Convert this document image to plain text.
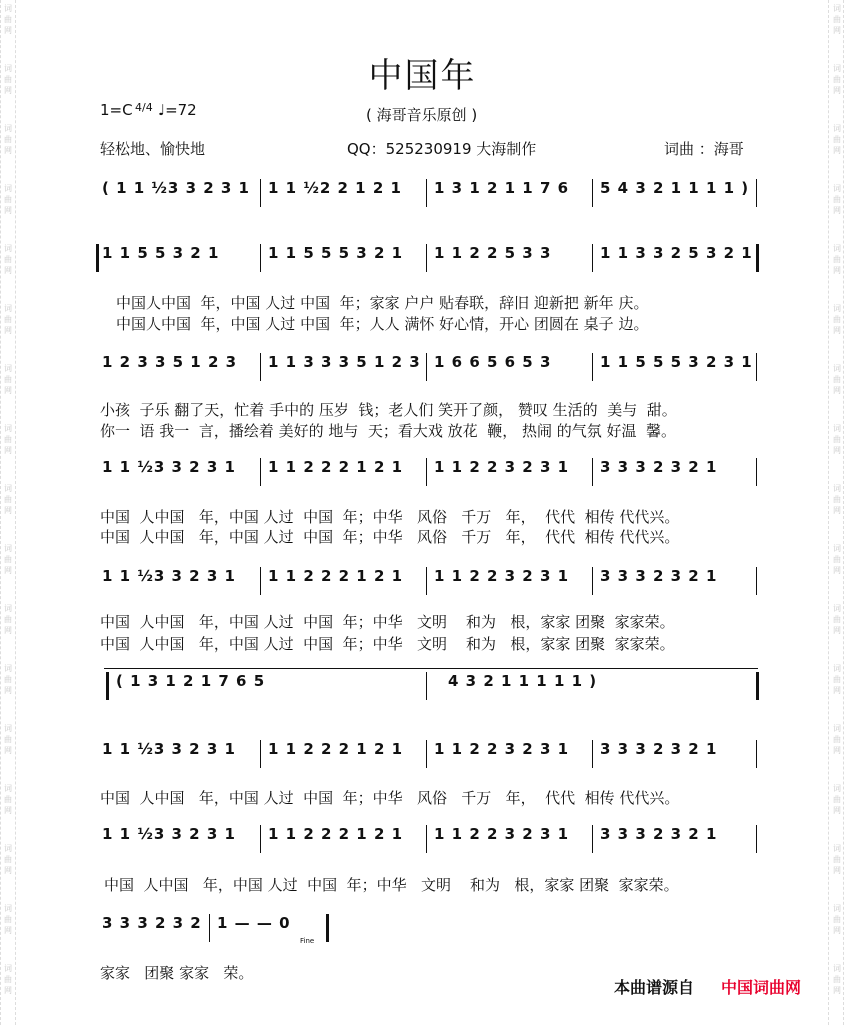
词
曲
网
词
曲
网
词
曲
网
词
曲
网
词
曲
网
词
曲
网
词
曲
网
词
曲
网
词
曲
网
词
曲
网
词
曲
网
词
曲
网
词
曲
网
词
曲
网
词
曲
网
词
曲
网
词
曲
网
词
曲
网
词
曲
网
词
曲
网
词
曲
网
词
曲
网
词
曲
网
词
曲
网
词
曲
网
词
曲
网
词
曲
网
词
曲
网
词
曲
网
词
曲
网
词
曲
网
词
曲
网
词
曲
网
词
曲
网
中国年
1=C 4/4 ♩=72	( 海哥音乐原创 )
轻松地、愉快地	QQ：525230919 大海制作	词曲 ：海哥
( 1 1 ½3 3 2 3 1 1 1 ½2 2 1 2 1 1 3 1 2 1 1 7 6 5 4 3 2 1 1 1 1 )
1 1 5 5 3 2 1	1 1 5 5 5 3 2 1 1 1 2 2 5 3 3	1 1 3 3 2 5 3 2 1
1 2 3 3 5 1 2 3 1 1 3 3 3 5 1 2 3 1 6 6 5 6 5 3	1 1 5 5 5 3 2 3 1
1 1 ½3 3 2 3 1 1 1 2 2 2 1 2 1 1 1 2 2 3 2 3 1 3 3 3 2 3 2 1
1 1 ½3 3 2 3 1 1 1 2 2 2 1 2 1 1 1 2 2 3 2 3 1 3 3 3 2 3 2 1
( 1 3 1 2 1 7 6 5	4 3 2 1 1 1 1 1 )
1 1 ½3 3 2 3 1 1 1 2 2 2 1 2 1 1 1 2 2 3 2 3 1 3 3 3 2 3 2 1
1 1 ½3 3 2 3 1 1 1 2 2 2 1 2 1 1 1 2 2 3 2 3 1 3 3 3 2 3 2 1
3 3 3 2 3 2 1 — — 0
Fine
中国人中国  年，中国 人过 中国  年；家家 户户 贴春联，辞旧 迎新把 新年 庆。
中国人中国  年，中国 人过 中国  年；人人 满怀 好心情，开心 团圆在 桌子 边。
小孩  子乐 翻了天，忙着 手中的 压岁  钱；老人们 笑开了颜， 赞叹 生活的  美与  甜。
你一  语 我一  言，播绘着 美好的 地与  天；看大戏 放花  鞭， 热闹 的气氛 好温  馨。
中国  人中国   年，中国 人过  中国  年；中华   风俗   千万   年，  代代  相传 代代兴。
中国  人中国   年，中国 人过  中国  年；中华   风俗   千万   年，  代代  相传 代代兴。
中国  人中国   年，中国 人过  中国  年；中华   文明    和为   根，家家 团聚  家家荣。
中国  人中国   年，中国 人过  中国  年；中华   文明    和为   根，家家 团聚  家家荣。
中国  人中国   年，中国 人过  中国  年；中华   风俗   千万   年，  代代  相传 代代兴。
中国  人中国   年，中国 人过  中国  年；中华   文明    和为   根，家家 团聚  家家荣。
家家   团聚 家家   荣。
本曲谱源自 中国词曲网
